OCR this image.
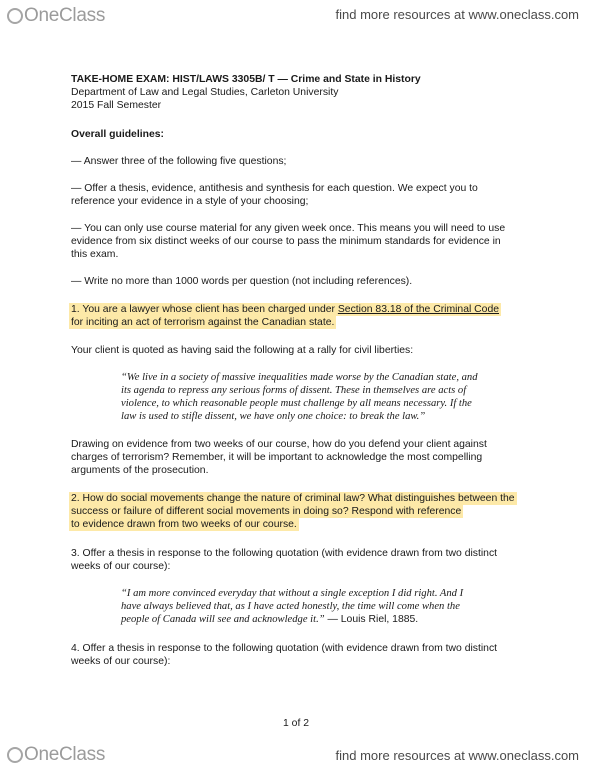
OneClass	find more resources at www.oneclass.com
TAKE-HOME EXAM: HIST/LAWS 3305B/ T — Crime and State in History
Department of Law and Legal Studies, Carleton University
2015 Fall Semester
Overall guidelines:
— Answer three of the following five questions;
— Offer a thesis, evidence, antithesis and synthesis for each question. We expect you to
reference your evidence in a style of your choosing;
— You can only use course material for any given week once. This means you will need to use
evidence from six distinct weeks of our course to pass the minimum standards for evidence in
this exam.
— Write no more than 1000 words per question (not including references).
1. You are a lawyer whose client has been charged under Section 83.18 of the Criminal Code
for inciting an act of terrorism against the Canadian state.
Your client is quoted as having said the following at a rally for civil liberties:
“We live in a society of massive inequalities made worse by the Canadian state, and
its agenda to repress any serious forms of dissent. These in themselves are acts of
violence, to which reasonable people must challenge by all means necessary. If the
law is used to stifle dissent, we have only one choice: to break the law.”
Drawing on evidence from two weeks of our course, how do you defend your client against
charges of terrorism? Remember, it will be important to acknowledge the most compelling
arguments of the prosecution.
2. How do social movements change the nature of criminal law? What distinguishes between the
success or failure of different social movements in doing so? Respond with reference
to evidence drawn from two weeks of our course.
3. Offer a thesis in response to the following quotation (with evidence drawn from two distinct
weeks of our course):
“I am more convinced everyday that without a single exception I did right. And I
have always believed that, as I have acted honestly, the time will come when the
people of Canada will see and acknowledge it.” — Louis Riel, 1885.
4. Offer a thesis in response to the following quotation (with evidence drawn from two distinct
weeks of our course):
1 of 2
OneClass	find more resources at www.oneclass.com
